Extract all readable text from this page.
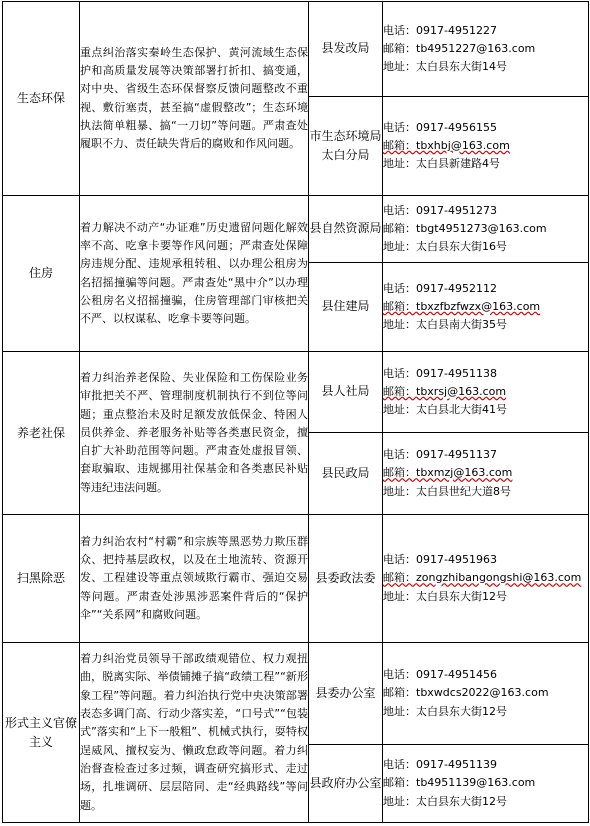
生态环保	重点纠治落实秦岭生态保护、黄河流域生态保护和高质量发展等决策部署打折扣、搞变通，对中央、省级生态环保督察反馈问题整改不重视、敷衍塞责，甚至搞“虚假整改”；生态环境执法简单粗暴、搞“一刀切”等问题。严肃查处履职不力、责任缺失背后的腐败和作风问题。	县发改局	电话：0917-4951227
邮箱：tb4951227@163.com
地址：太白县东大街14号

		市生态环境局太白分局	电话：0917-4956155
邮箱：tbxhbj@163.com
地址：太白县新建路4号

住房	着力解决不动产“办证难”历史遗留问题化解效率不高、吃拿卡要等作风问题；严肃查处保障房违规分配、违规承租转租、以办理公租房为名招摇撞骗等问题。严肃查处“黑中介”以办理公租房名义招摇撞骗，住房管理部门审核把关不严、以权谋私、吃拿卡要等问题。	县自然资源局	电话：0917-4951273
邮箱：tbgt4951273@163.com
地址：太白县东大街16号

		县住建局	电话：0917-4952112
邮箱：tbxzfbzfwzx@163.com
地址：太白县南大街35号

养老社保	着力纠治养老保险、失业保险和工伤保险业务审批把关不严、管理制度机制执行不到位等问题；重点整治未及时足额发放低保金、特困人员供养金、养老服务补贴等各类惠民资金，擅自扩大补助范围等问题。严肃查处虚报冒领、套取骗取、违规挪用社保基金和各类惠民补贴等违纪违法问题。	县人社局	电话：0917-4951138
邮箱：tbxrsj@163.com
地址：太白县北大街41号

		县民政局	电话：0917-4951137
邮箱：tbxmzj@163.com
地址：太白县世纪大道8号

扫黑除恶	着力纠治农村“村霸”和宗族等黑恶势力欺压群众、把持基层政权，以及在土地流转、资源开发、工程建设等重点领域欺行霸市、强迫交易等问题。严肃查处涉黑涉恶案件背后的“保护伞”“关系网”和腐败问题。	县委政法委	电话：0917-4951963
邮箱：zongzhibangongshi@163.com
地址：太白县东大街12号

形式主义官僚主义	着力纠治党员领导干部政绩观错位、权力观扭曲，脱离实际、举债铺摊子搞“政绩工程”“新形象工程”等问题。着力纠治执行党中央决策部署表态多调门高、行动少落实差，“口号式”“包装式”落实和“上下一般粗”、机械式执行，耍特权逞威风、擅权妄为、懒政怠政等问题。着力纠治督查检查过多过频，调查研究搞形式、走过场，扎堆调研、层层陪同、走“经典路线”等问题。	县委办公室	电话：0917-4951456
邮箱：tbxwdcs2022@163.com
地址：太白县东大街12号

		县政府办公室	电话：0917-4951139
邮箱：tb4951139@163.com
地址：太白县东大街12号
